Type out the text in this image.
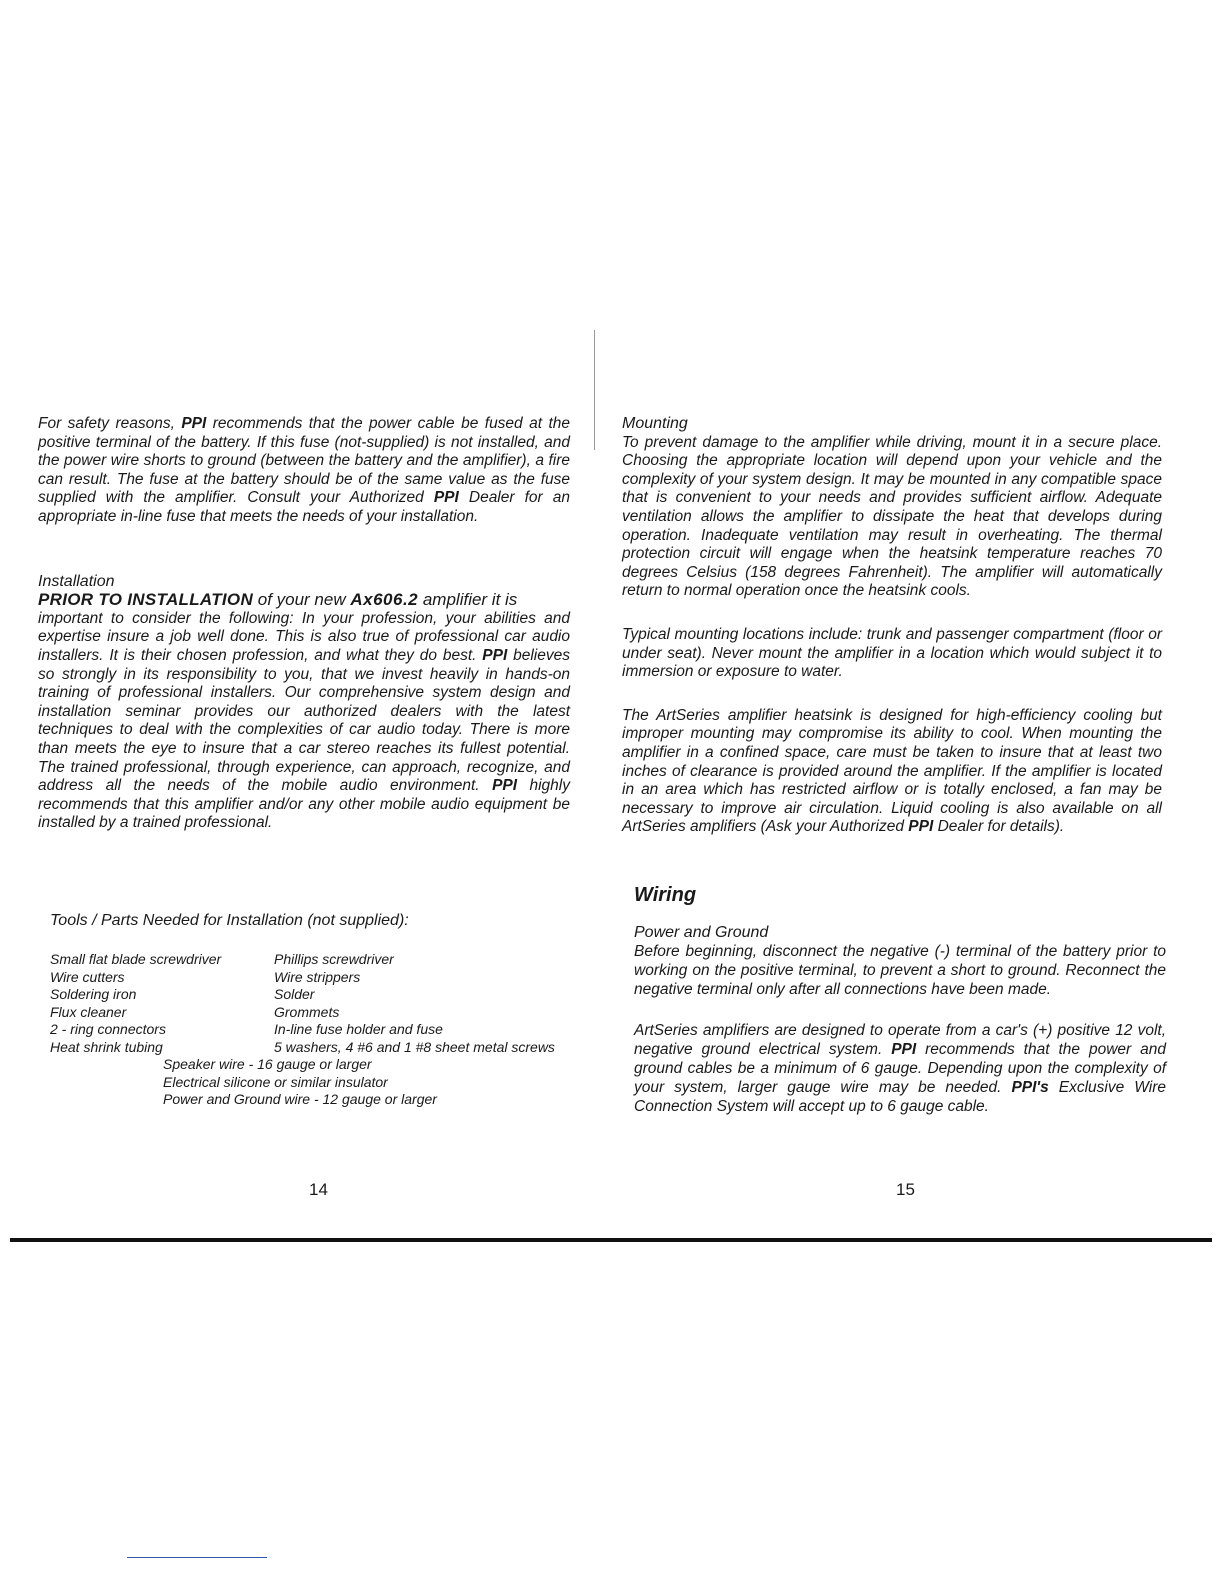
For safety reasons, PPI recommends that the power cable be fused at the positive terminal of the battery. If this fuse (not-supplied) is not installed, and the power wire shorts to ground (between the battery and the amplifier), a fire can result. The fuse at the battery should be of the same value as the fuse supplied with the amplifier. Consult your Authorized PPI Dealer for an appropriate in-line fuse that meets the needs of your installation.

Installation

PRIOR TO INSTALLATION of your new Ax606.2 amplifier it is

important to consider the following: In your profession, your abilities and expertise insure a job well done. This is also true of professional car audio installers. It is their chosen profession, and what they do best. PPI believes so strongly in its responsibility to you, that we invest heavily in hands-on training of professional installers. Our comprehensive system design and installation seminar provides our authorized dealers with the latest techniques to deal with the complexities of car audio today. There is more than meets the eye to insure that a car stereo reaches its fullest potential. The trained professional, through experience, can approach, recognize, and address all the needs of the mobile audio environment. PPI highly recommends that this amplifier and/or any other mobile audio equipment be installed by a trained professional.

Tools / Parts Needed for Installation (not supplied):
Small flat blade screwdriver	Phillips screwdriver
Wire cutters	Wire strippers
Soldering iron	Solder
Flux cleaner	Grommets
2 - ring connectors	In-line fuse holder and fuse
Heat shrink tubing	5 washers, 4 #6 and 1 #8 sheet metal screws
Speaker wire - 16 gauge or larger
Electrical silicone or similar insulator
Power and Ground wire - 12 gauge or larger
14
Mounting

To prevent damage to the amplifier while driving, mount it in a secure place. Choosing the appropriate location will depend upon your vehicle and the complexity of your system design. It may be mounted in any compatible space that is convenient to your needs and provides sufficient airflow. Adequate ventilation allows the amplifier to dissipate the heat that develops during operation. Inadequate ventilation may result in overheating. The thermal protection circuit will engage when the heatsink temperature reaches 70 degrees Celsius (158 degrees Fahrenheit). The amplifier will automatically return to normal operation once the heatsink cools.

Typical mounting locations include: trunk and passenger compartment (floor or under seat). Never mount the amplifier in a location which would subject it to immersion or exposure to water.

The ArtSeries amplifier heatsink is designed for high-efficiency cooling but improper mounting may compromise its ability to cool. When mounting the amplifier in a confined space, care must be taken to insure that at least two inches of clearance is provided around the amplifier. If the amplifier is located in an area which has restricted airflow or is totally enclosed, a fan may be necessary to improve air circulation. Liquid cooling is also available on all ArtSeries amplifiers (Ask your Authorized PPI Dealer for details).

Wiring
Power and Ground

Before beginning, disconnect the negative (-) terminal of the battery prior to working on the positive terminal, to prevent a short to ground. Reconnect the negative terminal only after all connections have been made.

ArtSeries amplifiers are designed to operate from a car's (+) positive 12 volt, negative ground electrical system. PPI recommends that the power and ground cables be a minimum of 6 gauge. Depending upon the complexity of your system, larger gauge wire may be needed. PPI's Exclusive Wire Connection System will accept up to 6 gauge cable.

15
